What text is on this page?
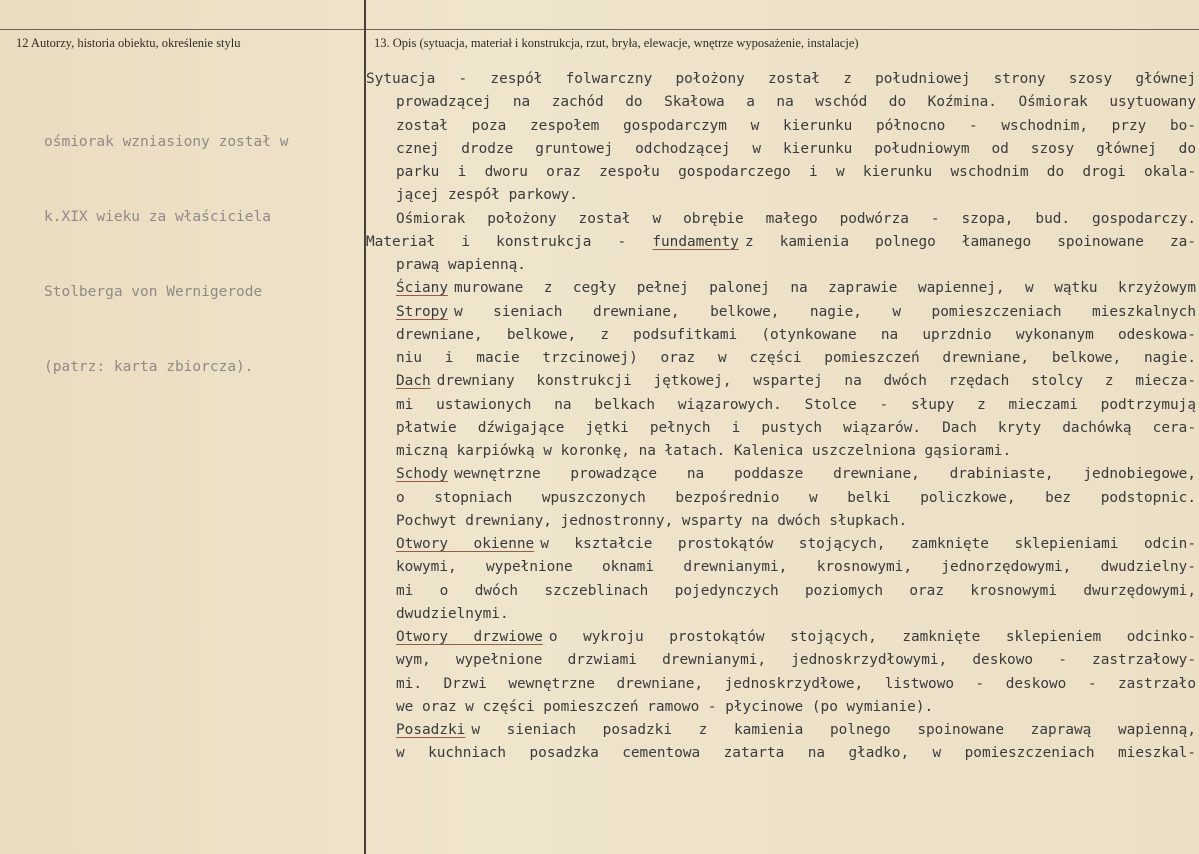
12 Autorzy, historia obiektu, określenie stylu	13. Opis (sytuacja, materiał i konstrukcja, rzut, bryła, elewacje, wnętrze wyposażenie, instalacje)

ośmiorak wzniasiony został w

k.XIX wieku za właściciela

Stolberga von Wernigerode

(patrz: karta zbiorcza).

Sytuacja - zespół folwarczny położony został z południowej strony szosy głównej
prowadzącej na zachód do Skałowa a na wschód do Koźmina. Ośmiorak usytuowany
został poza zespołem gospodarczym w kierunku północno - wschodnim, przy bo-
cznej drodze gruntowej odchodzącej w kierunku południowym od szosy głównej do
parku i dworu oraz zespołu gospodarczego i w kierunku wschodnim do drogi okala-
jącej zespół parkowy.
Ośmiorak położony został w obrębie małego podwórza - szopa, bud. gospodarczy.
Materiał i konstrukcja - fundamenty z kamienia polnego łamanego spoinowane za-
prawą wapienną.
Ściany murowane z cegły pełnej palonej na zaprawie wapiennej, w wątku krzyżowym
Stropy w sieniach drewniane, belkowe, nagie, w pomieszczeniach mieszkalnych
drewniane, belkowe, z podsufitkami (otynkowane na uprzdnio wykonanym odeskowa-
niu i macie trzcinowej) oraz w części pomieszczeń drewniane, belkowe, nagie.
Dach drewniany konstrukcji jętkowej, wspartej na dwóch rzędach stolcy z miecza-
mi ustawionych na belkach wiązarowych. Stolce - słupy z mieczami podtrzymują
płatwie dźwigające jętki pełnych i pustych wiązarów. Dach kryty dachówką cera-
miczną karpiówką w koronkę, na łatach. Kalenica uszczelniona gąsiorami.
Schody wewnętrzne prowadzące na poddasze drewniane, drabiniaste, jednobiegowe,
o stopniach wpuszczonych bezpośrednio w belki policzkowe, bez podstopnic.
Pochwyt drewniany, jednostronny, wsparty na dwóch słupkach.
Otwory okienne w kształcie prostokątów stojących, zamknięte sklepieniami odcin-
kowymi, wypełnione oknami drewnianymi, krosnowymi, jednorzędowymi, dwudzielny-
mi o dwóch szczeblinach pojedynczych poziomych oraz krosnowymi dwurzędowymi,
dwudzielnymi.
Otwory drzwiowe o wykroju prostokątów stojących, zamknięte sklepieniem odcinko-
wym, wypełnione drzwiami drewnianymi, jednoskrzydłowymi, deskowo - zastrzałowy-
mi. Drzwi wewnętrzne drewniane, jednoskrzydłowe, listwowo - deskowo - zastrzało
we oraz w części pomieszczeń ramowo - płycinowe (po wymianie).
Posadzki w sieniach posadzki z kamienia polnego spoinowane zaprawą wapienną,
w kuchniach posadzka cementowa zatarta na gładko, w pomieszczeniach mieszkal-
